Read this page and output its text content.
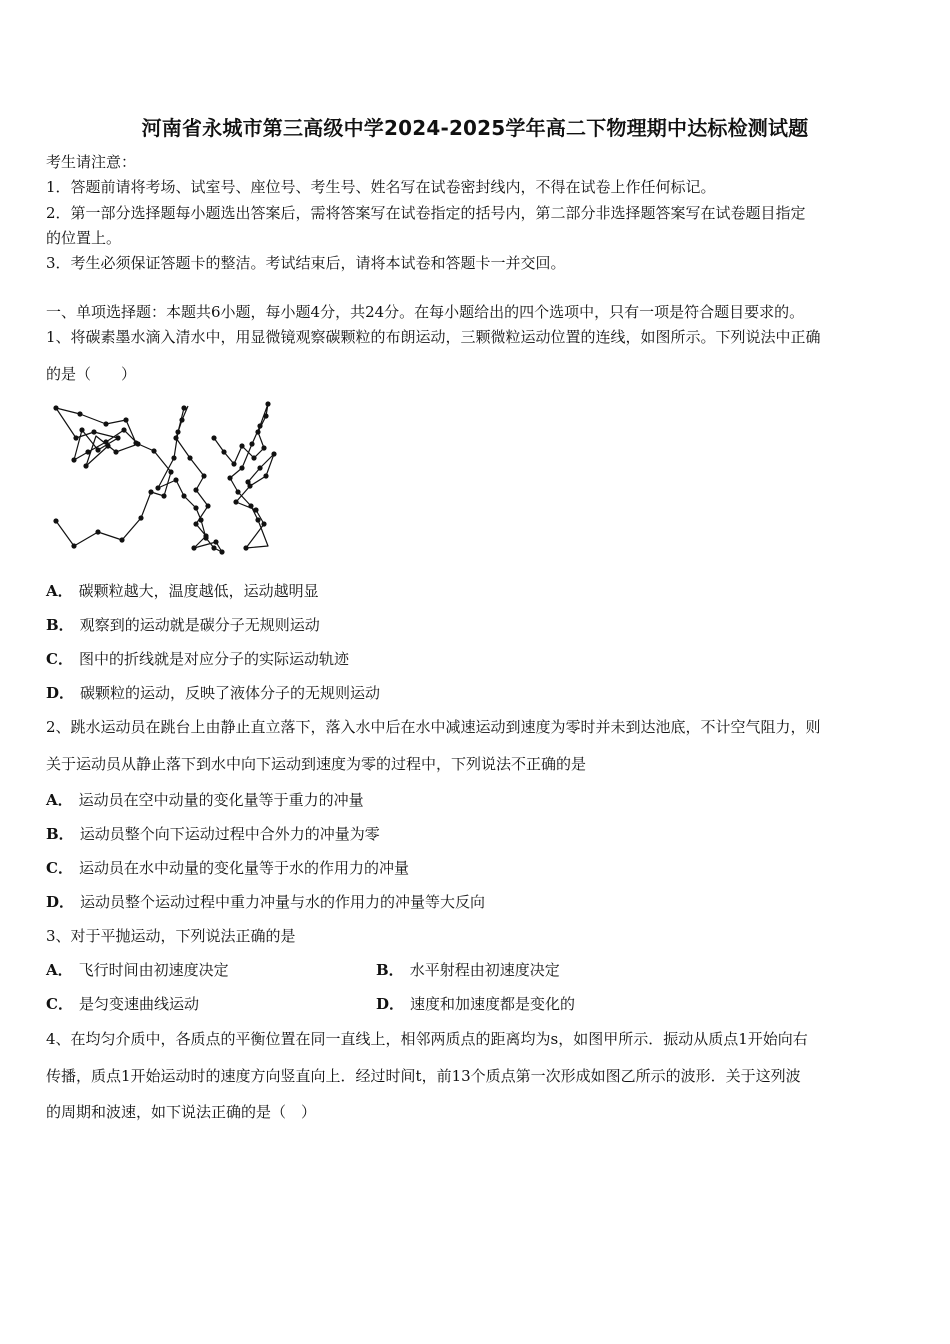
河南省永城市第三高级中学2024-2025学年高二下物理期中达标检测试题
考生请注意：
1．答题前请将考场、试室号、座位号、考生号、姓名写在试卷密封线内，不得在试卷上作任何标记。
2．第一部分选择题每小题选出答案后，需将答案写在试卷指定的括号内，第二部分非选择题答案写在试卷题目指定
的位置上。
3．考生必须保证答题卡的整洁。考试结束后，请将本试卷和答题卡一并交回。
一、单项选择题：本题共6小题，每小题4分，共24分。在每小题给出的四个选项中，只有一项是符合题目要求的。
1、将碳素墨水滴入清水中，用显微镜观察碳颗粒的布朗运动，三颗微粒运动位置的连线，如图所示。下列说法中正确
的是（　　）
A． 碳颗粒越大，温度越低，运动越明显
B． 观察到的运动就是碳分子无规则运动
C． 图中的折线就是对应分子的实际运动轨迹
D． 碳颗粒的运动，反映了液体分子的无规则运动
2、跳水运动员在跳台上由静止直立落下，落入水中后在水中减速运动到速度为零时并未到达池底，不计空气阻力，则
关于运动员从静止落下到水中向下运动到速度为零的过程中，下列说法不正确的是
A． 运动员在空中动量的变化量等于重力的冲量
B． 运动员整个向下运动过程中合外力的冲量为零
C． 运动员在水中动量的变化量等于水的作用力的冲量
D． 运动员整个运动过程中重力冲量与水的作用力的冲量等大反向
3、对于平抛运动，下列说法正确的是
A． 飞行时间由初速度决定	B． 水平射程由初速度决定
C． 是匀变速曲线运动	D． 速度和加速度都是变化的
4、在均匀介质中，各质点的平衡位置在同一直线上，相邻两质点的距离均为s，如图甲所示．振动从质点1开始向右
传播，质点1开始运动时的速度方向竖直向上．经过时间t，前13个质点第一次形成如图乙所示的波形．关于这列波
的周期和波速，如下说法正确的是（　）
